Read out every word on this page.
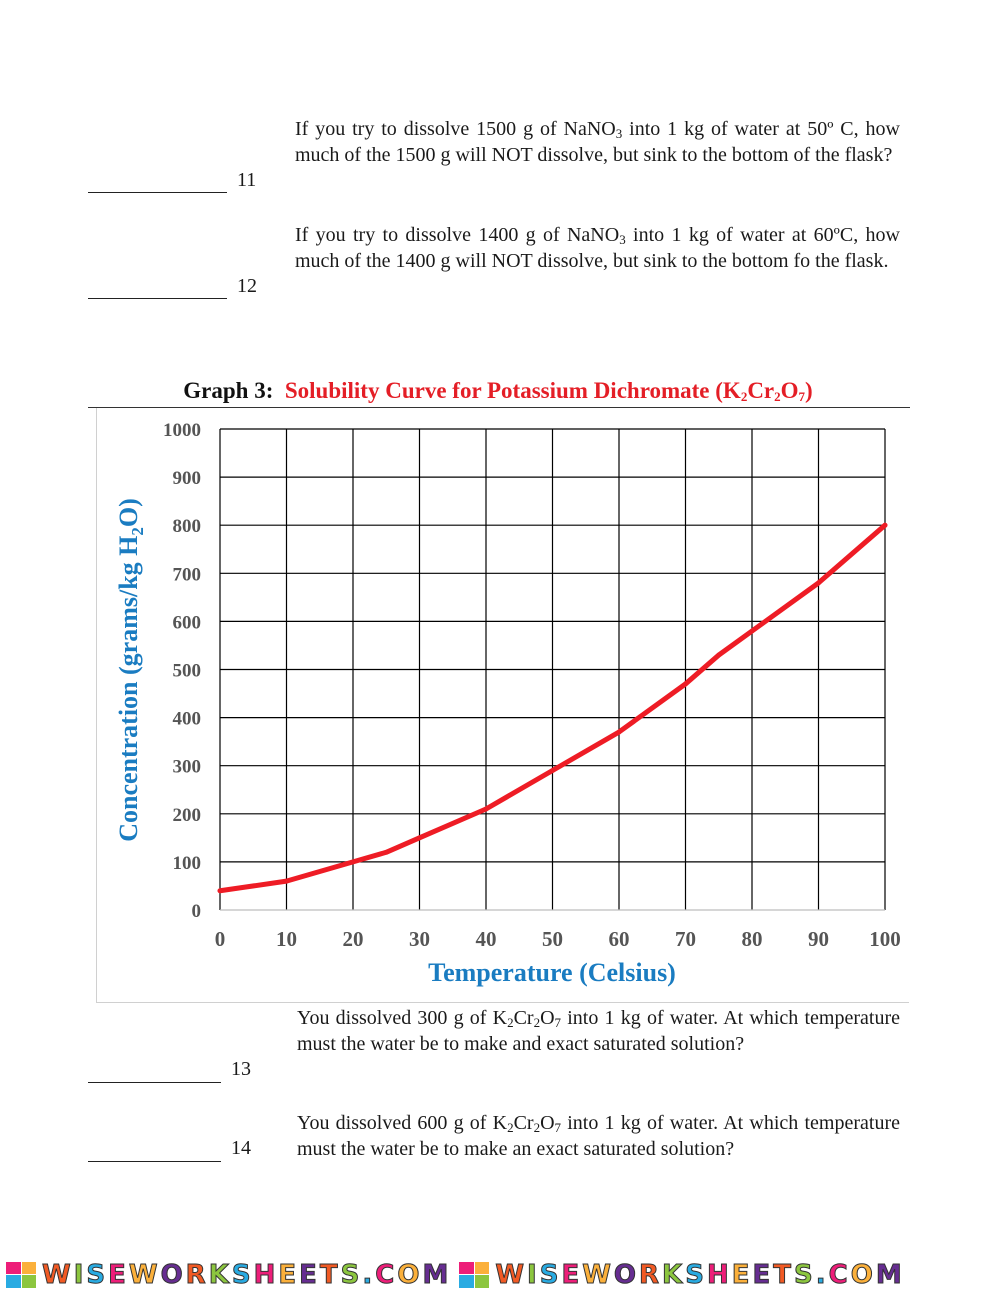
11
If you try to dissolve 1500 g of NaNO$_3$ into 1 kg of water at 50º C, how much of the 1500 g will NOT dissolve, but sink to the bottom of the flask?
12
If you try to dissolve 1400 g of NaNO$_3$ into 1 kg of water at 60ºC, how much of the 1400 g will NOT dissolve, but sink to the bottom fo the flask.
Graph 3: Solubility Curve for Potassium Dichromate $(K_2Cr_2O_7)$
0
100
200
300
400
500
600
700
800
900
1000
0 10 20 30 40 50 60 70 80 90 100
Temperature (Celsius)
Concentration (grams/kg $H_2O$)
13
You dissolved 300 g of $K_2Cr_2O_7$ into 1 kg of water. At which temperature must the water be to make and exact saturated solution?
14
You dissolved 600 g of $K_2Cr_2O_7$ into 1 kg of water. At which temperature must the water be to make an exact saturated solution?
W I S E W O R K S H E E T S . C O M W I S E W O R K S H E E T S . C O M
